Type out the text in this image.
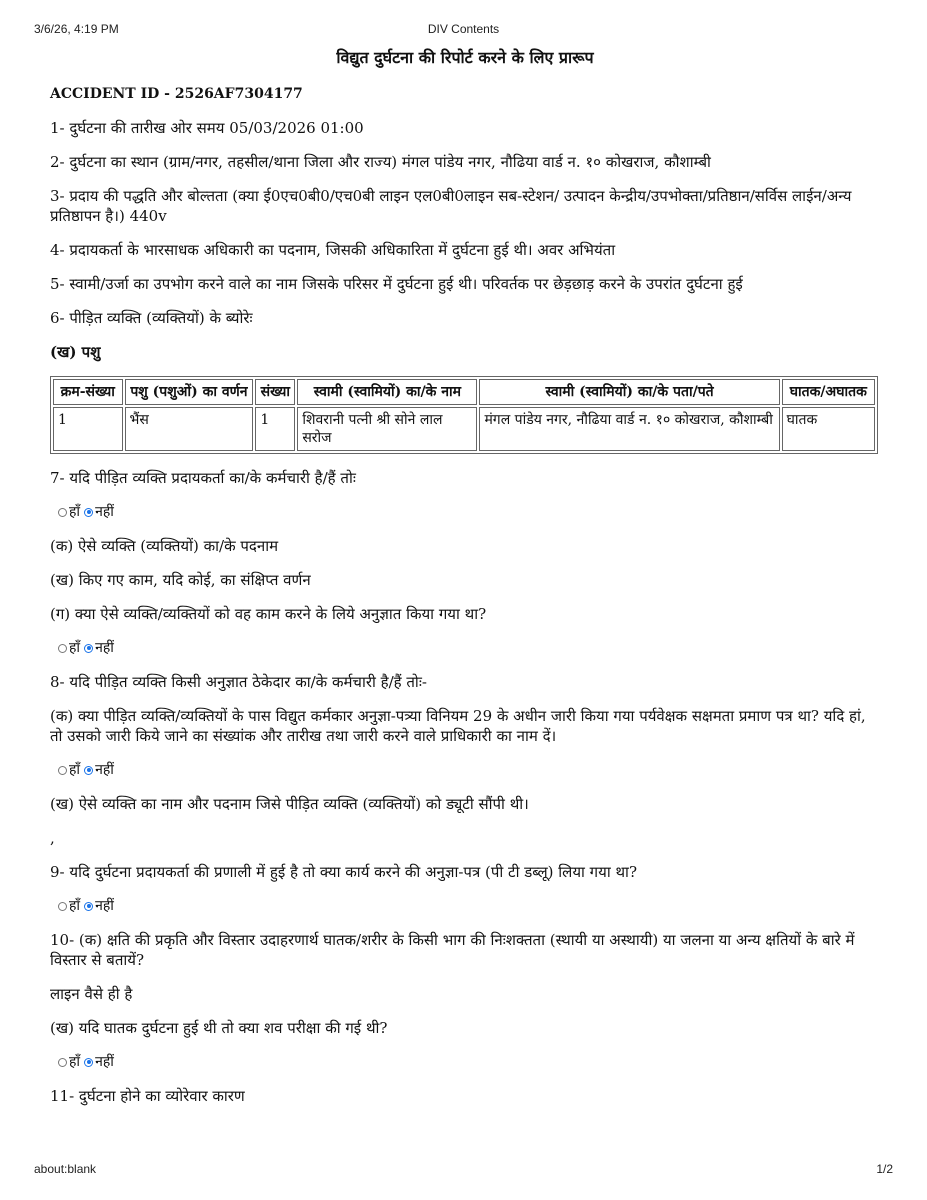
3/6/26, 4:19 PM	DIV Contents
विद्युत दुर्घटना की रिपोर्ट करने के लिए प्रारूप
ACCIDENT ID - 2526AF7304177

1- दुर्घटना की तारीख ओर समय 05/03/2026 01:00

2- दुर्घटना का स्थान (ग्राम/नगर, तहसील/थाना जिला और राज्य) मंगल पांडेय नगर, नौढिया वार्ड न. १० कोखराज, कौशाम्बी

3- प्रदाय की पद्धति और बोल्तता (क्या ई0एच0बी0/एच0बी लाइन एल0बी0लाइन सब-स्टेशन/ उत्पादन केन्द्रीय/उपभोक्ता/प्रतिष्ठान/सर्विस लाईन/अन्य प्रतिष्ठापन है।) 440v

4- प्रदायकर्ता के भारसाधक अधिकारी का पदनाम, जिसकी अधिकारिता में दुर्घटना हुई थी। अवर अभियंता

5- स्वामी/उर्जा का उपभोग करने वाले का नाम जिसके परिसर में दुर्घटना हुई थी। परिवर्तक पर छेड़छाड़ करने के उपरांत दुर्घटना हुई

6- पीड़ित व्यक्ति (व्यक्तियों) के ब्योरेः

(ख) पशु

क्रम-संख्या	पशु (पशुओं) का वर्णन	संख्या	स्वामी (स्वामियों) का/के नाम	स्वामी (स्वामियों) का/के पता/पते	घातक/अघातक
1	भैंस	1	शिवरानी पत्नी श्री सोने लाल सरोज	मंगल पांडेय नगर, नौढिया वार्ड न. १० कोखराज, कौशाम्बी	घातक

7- यदि पीड़ित व्यक्ति प्रदायकर्ता का/के कर्मचारी है/हैं तोः

हाँ नहीं

(क) ऐसे व्यक्ति (व्यक्तियों) का/के पदनाम

(ख) किए गए काम, यदि कोई, का संक्षिप्त वर्णन

(ग) क्या ऐसे व्यक्ति/व्यक्तियों को वह काम करने के लिये अनुज्ञात किया गया था?

हाँ नहीं

8- यदि पीड़ित व्यक्ति किसी अनुज्ञात ठेकेदार का/के कर्मचारी है/हैं तोः-

(क) क्या पीड़ित व्यक्ति/व्यक्तियों के पास विद्युत कर्मकार अनुज्ञा-पत्र्या विनियम 29 के अधीन जारी किया गया पर्यवेक्षक सक्षमता प्रमाण पत्र था? यदि हां, तो उसको जारी किये जाने का संख्यांक और तारीख तथा जारी करने वाले प्राधिकारी का नाम दें।

हाँ नहीं

(ख) ऐसे व्यक्ति का नाम और पदनाम जिसे पीड़ित व्यक्ति (व्यक्तियों) को ड्यूटी सौंपी थी।

,

9- यदि दुर्घटना प्रदायकर्ता की प्रणाली में हुई है तो क्या कार्य करने की अनुज्ञा-पत्र (पी टी डब्लू) लिया गया था?

हाँ नहीं

10- (क) क्षति की प्रकृति और विस्तार उदाहरणार्थ घातक/शरीर के किसी भाग की निःशक्तता (स्थायी या अस्थायी) या जलना या अन्य क्षतियों के बारे में विस्तार से बतायें?

लाइन वैसे ही है

(ख) यदि घातक दुर्घटना हुई थी तो क्या शव परीक्षा की गई थी?

हाँ नहीं

11- दुर्घटना होने का व्योरेवार कारण

about:blank	1/2
